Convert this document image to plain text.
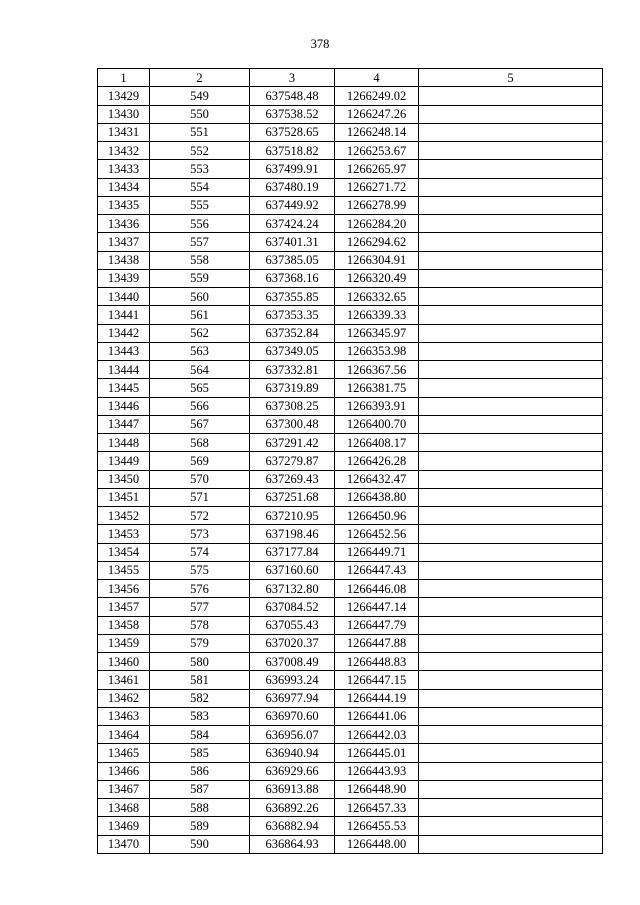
378
1	2	3	4	5
13429	549	637548.48	1266249.02	
13430	550	637538.52	1266247.26	
13431	551	637528.65	1266248.14	
13432	552	637518.82	1266253.67	
13433	553	637499.91	1266265.97	
13434	554	637480.19	1266271.72	
13435	555	637449.92	1266278.99	
13436	556	637424.24	1266284.20	
13437	557	637401.31	1266294.62	
13438	558	637385.05	1266304.91	
13439	559	637368.16	1266320.49	
13440	560	637355.85	1266332.65	
13441	561	637353.35	1266339.33	
13442	562	637352.84	1266345.97	
13443	563	637349.05	1266353.98	
13444	564	637332.81	1266367.56	
13445	565	637319.89	1266381.75	
13446	566	637308.25	1266393.91	
13447	567	637300.48	1266400.70	
13448	568	637291.42	1266408.17	
13449	569	637279.87	1266426.28	
13450	570	637269.43	1266432.47	
13451	571	637251.68	1266438.80	
13452	572	637210.95	1266450.96	
13453	573	637198.46	1266452.56	
13454	574	637177.84	1266449.71	
13455	575	637160.60	1266447.43	
13456	576	637132.80	1266446.08	
13457	577	637084.52	1266447.14	
13458	578	637055.43	1266447.79	
13459	579	637020.37	1266447.88	
13460	580	637008.49	1266448.83	
13461	581	636993.24	1266447.15	
13462	582	636977.94	1266444.19	
13463	583	636970.60	1266441.06	
13464	584	636956.07	1266442.03	
13465	585	636940.94	1266445.01	
13466	586	636929.66	1266443.93	
13467	587	636913.88	1266448.90	
13468	588	636892.26	1266457.33	
13469	589	636882.94	1266455.53	
13470	590	636864.93	1266448.00	
